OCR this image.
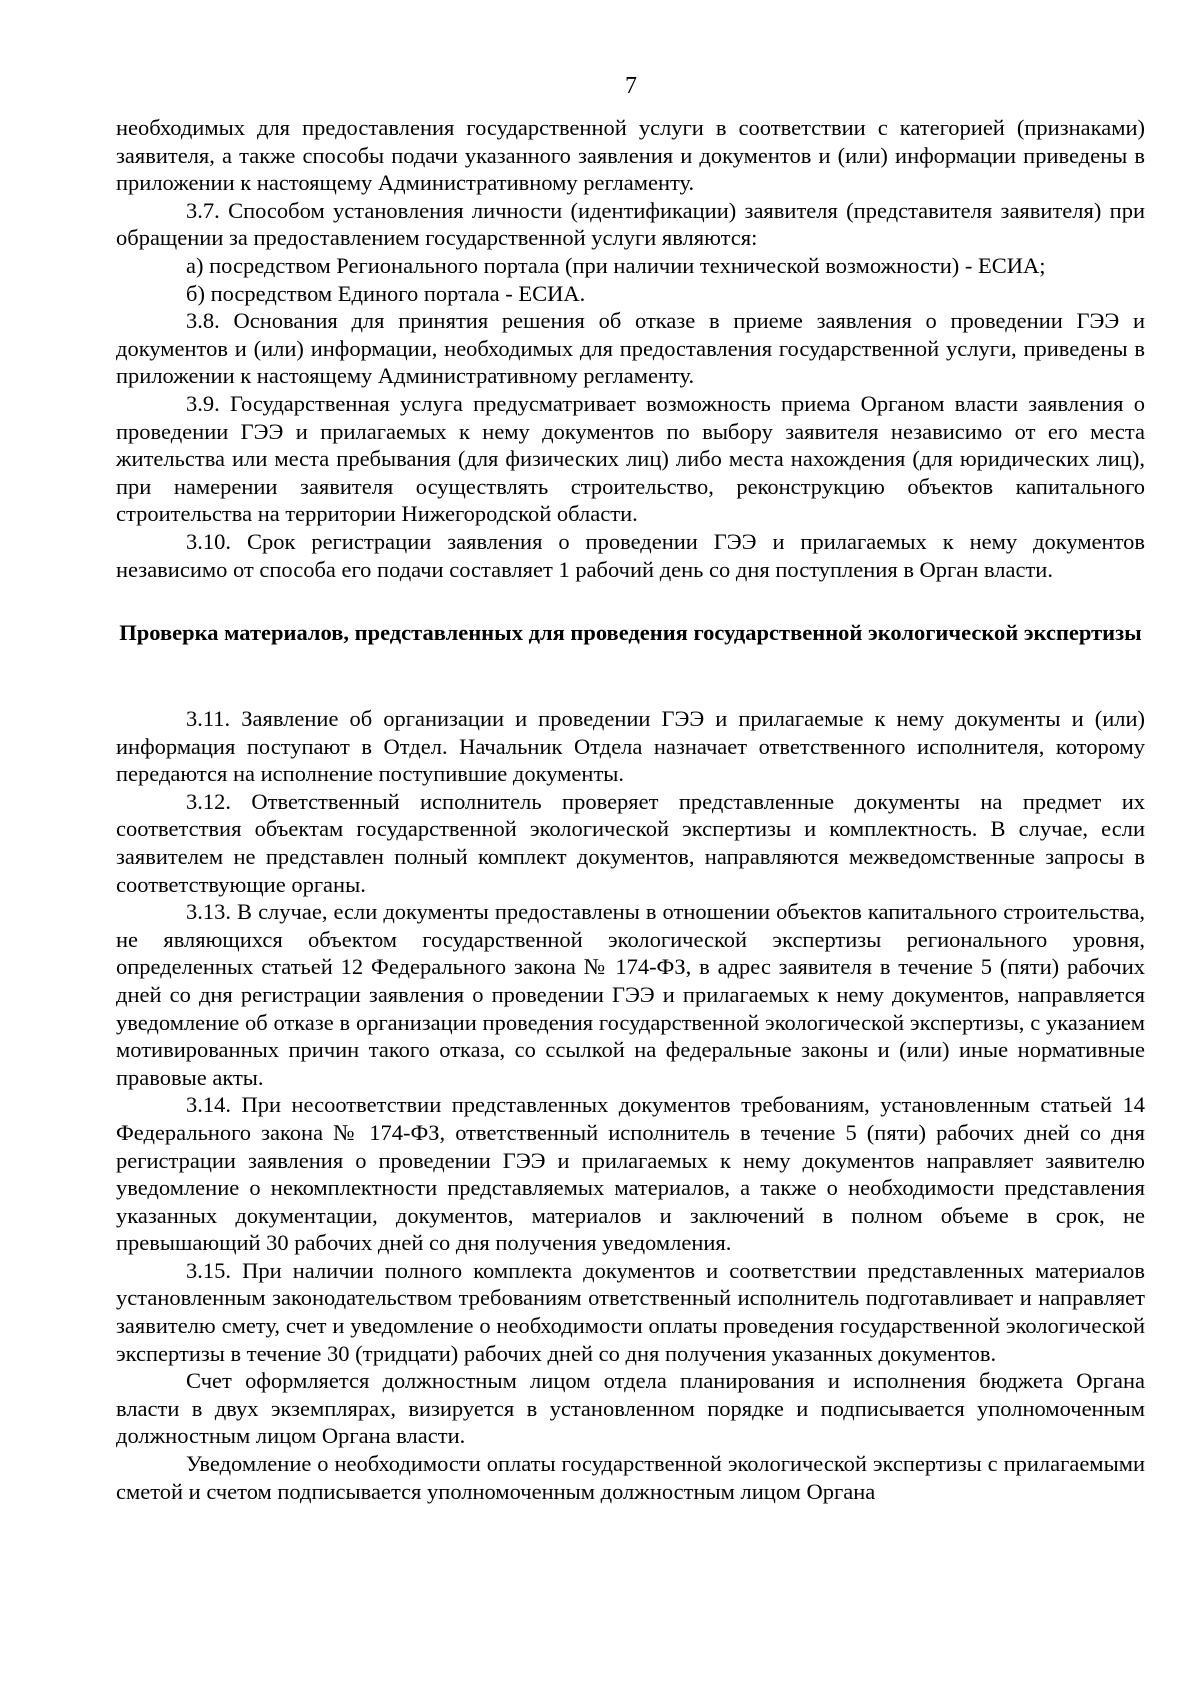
7

необходимых для предоставления государственной услуги в соответствии с категорией (признаками) заявителя, а также способы подачи указанного заявления и документов и (или) информации приведены в приложении к настоящему Административному регламенту.

3.7. Способом установления личности (идентификации) заявителя (представителя заявителя) при обращении за предоставлением государственной услуги являются:

а) посредством Регионального портала (при наличии технической возможности) - ЕСИА;

б) посредством Единого портала - ЕСИА.

3.8. Основания для принятия решения об отказе в приеме заявления о проведении ГЭЭ и документов и (или) информации, необходимых для предоставления государственной услуги, приведены в приложении к настоящему Административному регламенту.

3.9. Государственная услуга предусматривает возможность приема Органом власти заявления о проведении ГЭЭ и прилагаемых к нему документов по выбору заявителя независимо от его места жительства или места пребывания (для физических лиц) либо места нахождения (для юридических лиц), при намерении заявителя осуществлять строительство, реконструкцию объектов капитального строительства на территории Нижегородской области.

3.10. Срок регистрации заявления о проведении ГЭЭ и прилагаемых к нему документов независимо от способа его подачи составляет 1 рабочий день со дня поступления в Орган власти.

Проверка материалов, представленных для проведения государственной экологической экспертизы

3.11. Заявление об организации и проведении ГЭЭ и прилагаемые к нему документы и (или) информация поступают в Отдел. Начальник Отдела назначает ответственного исполнителя, которому передаются на исполнение поступившие документы.

3.12. Ответственный исполнитель проверяет представленные документы на предмет их соответствия объектам государственной экологической экспертизы и комплектность. В случае, если заявителем не представлен полный комплект документов, направляются межведомственные запросы в соответствующие органы.

3.13. В случае, если документы предоставлены в отношении объектов капитального строительства, не являющихся объектом государственной экологической экспертизы регионального уровня, определенных статьей 12 Федерального закона № 174-ФЗ, в адрес заявителя в течение 5 (пяти) рабочих дней со дня регистрации заявления о проведении ГЭЭ и прилагаемых к нему документов, направляется уведомление об отказе в организации проведения государственной экологической экспертизы, с указанием мотивированных причин такого отказа, со ссылкой на федеральные законы и (или) иные нормативные правовые акты.

3.14. При несоответствии представленных документов требованиям, установленным статьей 14 Федерального закона № 174-ФЗ, ответственный исполнитель в течение 5 (пяти) рабочих дней со дня регистрации заявления о проведении ГЭЭ и прилагаемых к нему документов направляет заявителю уведомление о некомплектности представляемых материалов, а также о необходимости представления указанных документации, документов, материалов и заключений в полном объеме в срок, не превышающий 30 рабочих дней со дня получения уведомления.

3.15. При наличии полного комплекта документов и соответствии представленных материалов установленным законодательством требованиям ответственный исполнитель подготавливает и направляет заявителю смету, счет и уведомление о необходимости оплаты проведения государственной экологической экспертизы в течение 30 (тридцати) рабочих дней со дня получения указанных документов.

Счет оформляется должностным лицом отдела планирования и исполнения бюджета Органа власти в двух экземплярах, визируется в установленном порядке и подписывается уполномоченным должностным лицом Органа власти.

Уведомление о необходимости оплаты государственной экологической экспертизы с прилагаемыми сметой и счетом подписывается уполномоченным должностным лицом Органа
